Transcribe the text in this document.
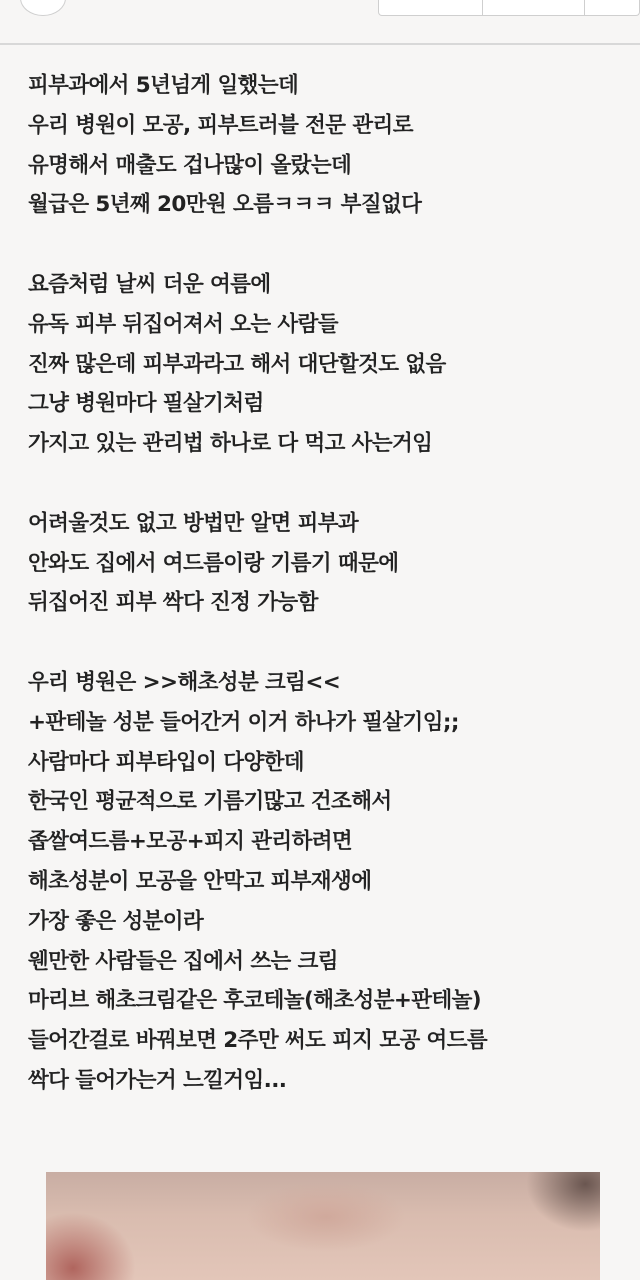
피부과에서 5년넘게 일했는데
우리 병원이 모공, 피부트러블 전문 관리로
유명해서 매출도 겁나많이 올랐는데
월급은 5년째 20만원 오름ㅋㅋㅋ 부질없다
요즘처럼 날씨 더운 여름에
유독 피부 뒤집어져서 오는 사람들
진짜 많은데 피부과라고 해서 대단할것도 없음
그냥 병원마다 필살기처럼
가지고 있는 관리법 하나로 다 먹고 사는거임
어려울것도 없고 방법만 알면 피부과
안와도 집에서 여드름이랑 기름기 때문에
뒤집어진 피부 싹다 진정 가능함
우리 병원은 >>해초성분 크림<<
+판테놀 성분 들어간거 이거 하나가 필살기임;;
사람마다 피부타입이 다양한데
한국인 평균적으로 기름기많고 건조해서
좁쌀여드름+모공+피지 관리하려면
해초성분이 모공을 안막고 피부재생에
가장 좋은 성분이라
웬만한 사람들은 집에서 쓰는 크림
마리브 해초크림같은 후코테놀(해초성분+판테놀)
들어간걸로 바꿔보면 2주만 써도 피지 모공 여드름
싹다 들어가는거 느낄거임...
